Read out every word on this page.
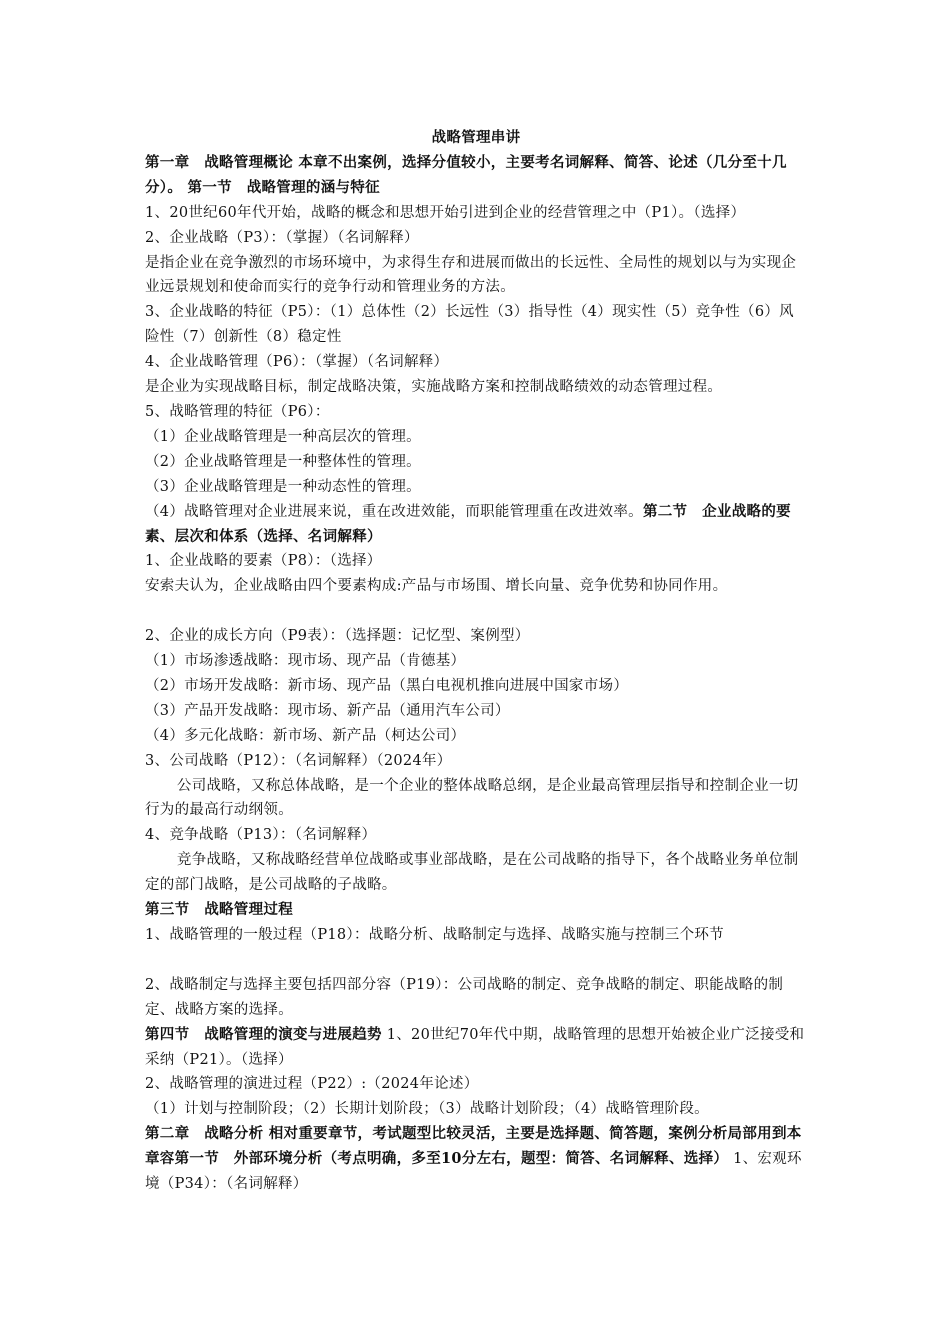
战略管理串讲

第一章　战略管理概论 本章不出案例，选择分值较小，主要考名词解释、简答、论述（几分至十几分）。 第一节　战略管理的涵与特征

1、20世纪60年代开始，战略的概念和思想开始引进到企业的经营管理之中（P1）。（选择）

2、企业战略（P3）：（掌握）（名词解释）

是指企业在竞争激烈的市场环境中，为求得生存和进展而做出的长远性、全局性的规划以与为实现企业远景规划和使命而实行的竞争行动和管理业务的方法。

3、企业战略的特征（P5）：（1）总体性（2）长远性（3）指导性（4）现实性（5）竞争性（6）风险性（7）创新性（8）稳定性

4、企业战略管理（P6）：（掌握）（名词解释）

是企业为实现战略目标，制定战略决策，实施战略方案和控制战略绩效的动态管理过程。

5、战略管理的特征（P6）：

（1）企业战略管理是一种高层次的管理。

（2）企业战略管理是一种整体性的管理。

（3）企业战略管理是一种动态性的管理。

（4）战略管理对企业进展来说，重在改进效能，而职能管理重在改进效率。第二节　企业战略的要素、层次和体系（选择、名词解释）

1、企业战略的要素（P8）：（选择）

安索夫认为，企业战略由四个要素构成:产品与市场围、增长向量、竞争优势和协同作用。

2、企业的成长方向（P9表）：（选择题：记忆型、案例型）

（1）市场渗透战略：现市场、现产品（肯德基）

（2）市场开发战略：新市场、现产品（黑白电视机推向进展中国家市场）

（3）产品开发战略：现市场、新产品（通用汽车公司）

（4）多元化战略：新市场、新产品（柯达公司）

3、公司战略（P12）：（名词解释）（2024年）

公司战略，又称总体战略，是一个企业的整体战略总纲，是企业最高管理层指导和控制企业一切行为的最高行动纲领。

4、竞争战略（P13）：（名词解释）

竞争战略，又称战略经营单位战略或事业部战略，是在公司战略的指导下，各个战略业务单位制定的部门战略，是公司战略的子战略。

第三节　战略管理过程

1、战略管理的一般过程（P18）：战略分析、战略制定与选择、战略实施与控制三个环节

2、战略制定与选择主要包括四部分容（P19）：公司战略的制定、竞争战略的制定、职能战略的制定、战略方案的选择。

第四节　战略管理的演变与进展趋势 1、20世纪70年代中期，战略管理的思想开始被企业广泛接受和采纳（P21）。（选择）

2、战略管理的演进过程（P22）:（2024年论述）

（1）计划与控制阶段；（2）长期计划阶段；（3）战略计划阶段；（4）战略管理阶段。

第二章　战略分析 相对重要章节，考试题型比较灵活，主要是选择题、简答题，案例分析局部用到本章容第一节　外部环境分析（考点明确，多至10分左右，题型：简答、名词解释、选择） 1、宏观环境（P34）：（名词解释）
